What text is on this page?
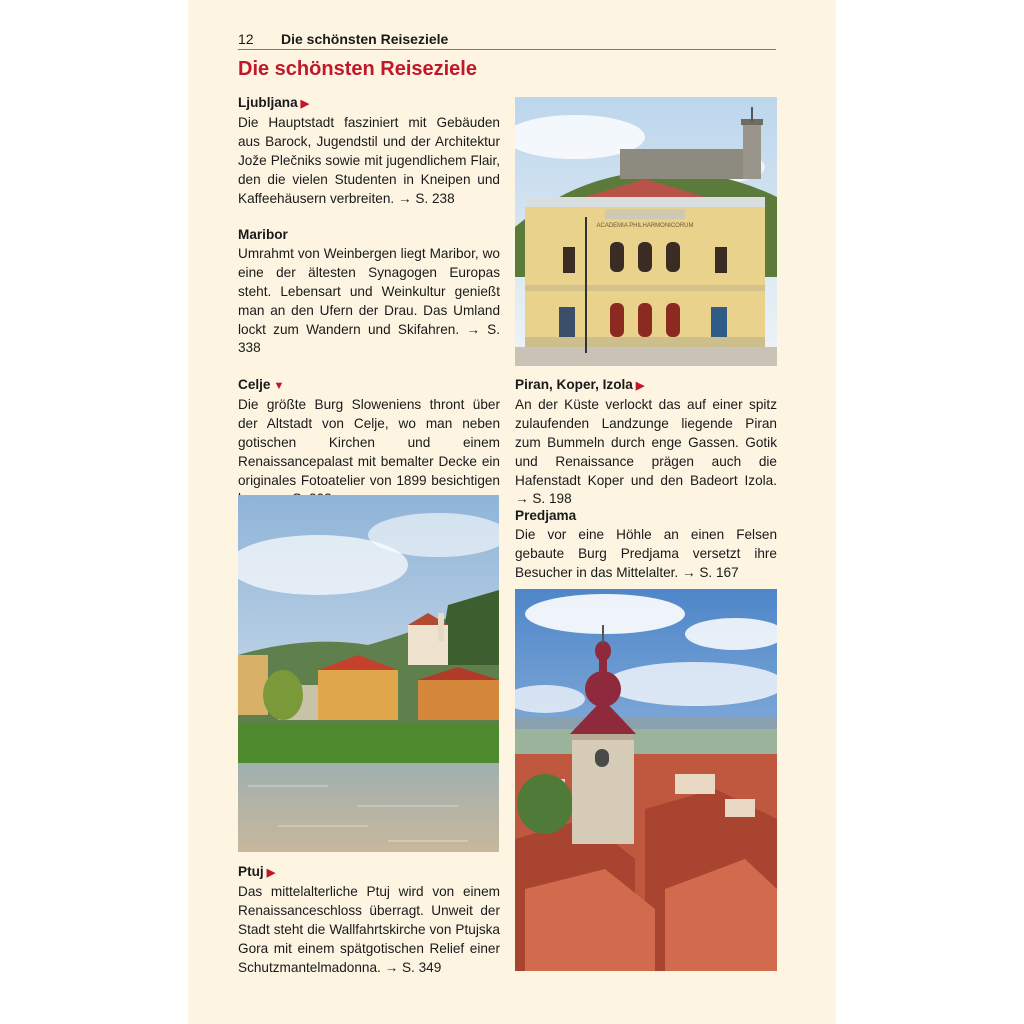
12 Die schönsten Reiseziele
Die schönsten Reiseziele
Ljubljana ▶

Die Hauptstadt fasziniert mit Gebäuden aus Barock, Jugendstil und der Architektur Jože Plečniks sowie mit jugendlichem Flair, den die vielen Studenten in Kneipen und Kaffeehäusern verbreiten. → S. 238

Maribor

Umrahmt von Weinbergen liegt Maribor, wo eine der ältesten Synagogen Europas steht. Lebensart und Weinkultur genießt man an den Ufern der Drau. Das Umland lockt zum Wandern und Skifahren. → S. 338

Celje ▼

Die größte Burg Sloweniens thront über der Altstadt von Celje, wo man neben gotischen Kirchen und einem Renaissancepalast mit bemalter Decke ein originales Fotoatelier von 1899 besichtigen

Ptuj ▶

Das mittelalterliche Ptuj wird von einem Renaissanceschloss überragt. Unweit der Stadt steht die Wallfahrtskirche von Ptujska Gora mit einem spätgotischen Relief einer Schutzmantelmadonna. → S. 349

Piran, Koper, Izola ▶

An der Küste verlockt das auf einer spitz zulaufenden Landzunge liegende Piran zum Bummeln durch enge Gassen. Gotik und Renaissance prägen auch die Hafenstadt Koper und den Badeort Izola. → S. 198

Predjama

Die vor eine Höhle an einen Felsen gebaute Burg Predjama versetzt ihre Besucher in das Mittelalter. → S. 167

ACADEMIA PHILHARMONICORUM
